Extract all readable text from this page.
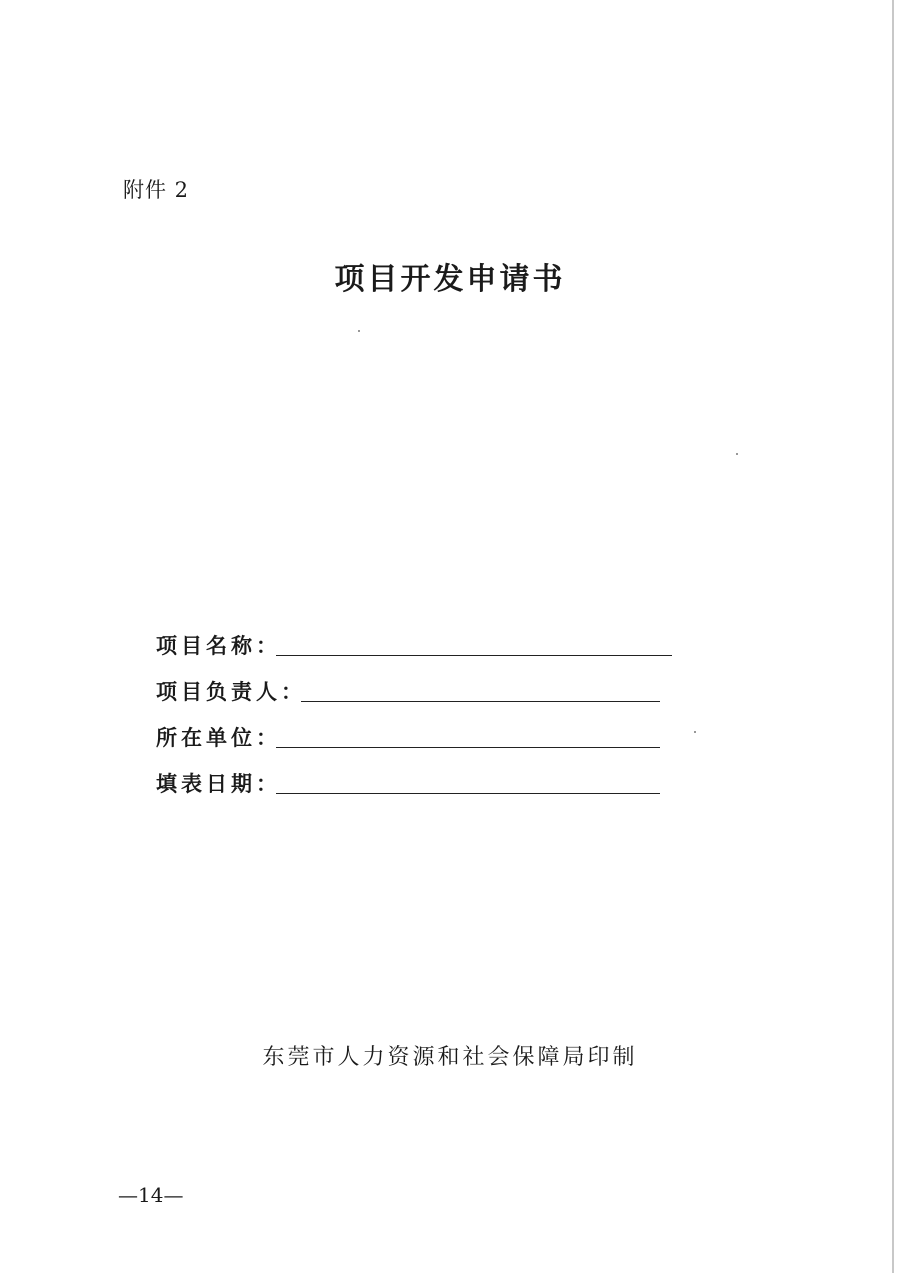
附件 2
项目开发申请书
项目名称：
项目负责人：
所在单位：
填表日期：
东莞市人力资源和社会保障局印制
—14—
